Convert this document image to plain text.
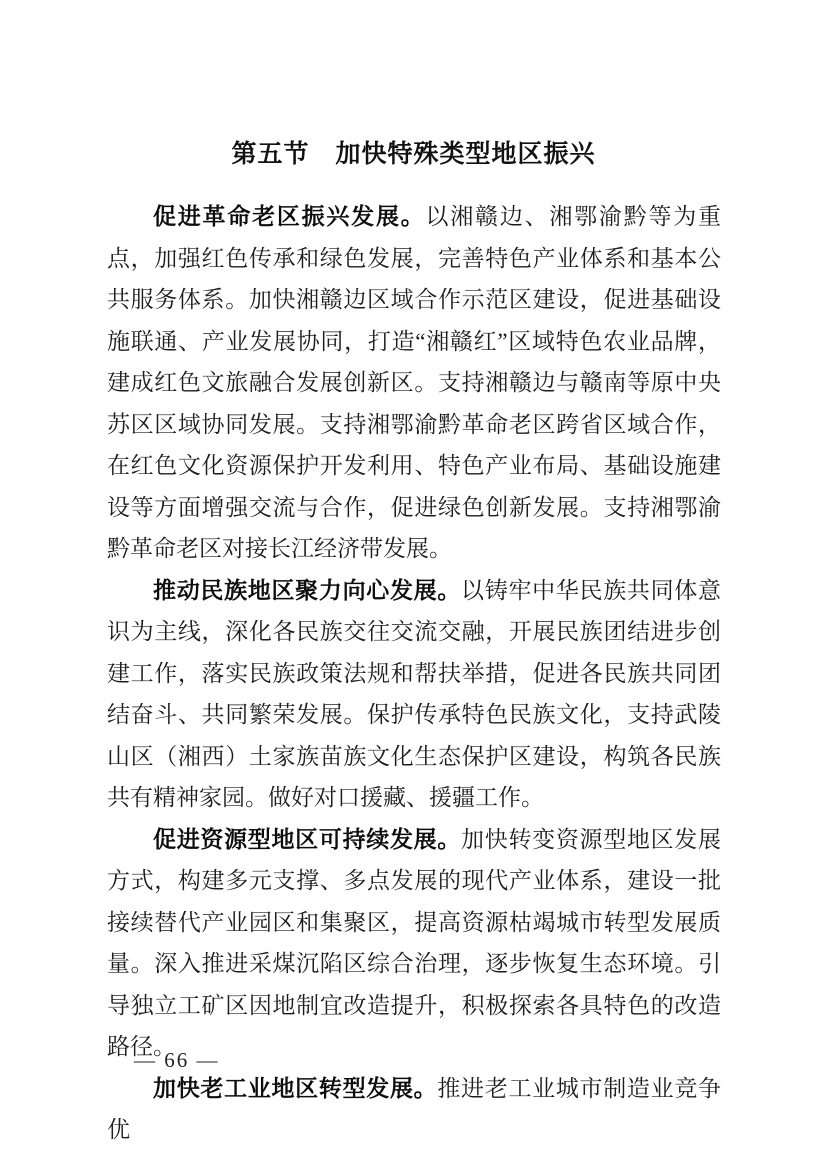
第五节　加快特殊类型地区振兴

促进革命老区振兴发展。以湘赣边、湘鄂渝黔等为重点，加强红色传承和绿色发展，完善特色产业体系和基本公共服务体系。加快湘赣边区域合作示范区建设，促进基础设施联通、产业发展协同，打造“湘赣红”区域特色农业品牌，建成红色文旅融合发展创新区。支持湘赣边与赣南等原中央苏区区域协同发展。支持湘鄂渝黔革命老区跨省区域合作，在红色文化资源保护开发利用、特色产业布局、基础设施建设等方面增强交流与合作，促进绿色创新发展。支持湘鄂渝黔革命老区对接长江经济带发展。

推动民族地区聚力向心发展。以铸牢中华民族共同体意识为主线，深化各民族交往交流交融，开展民族团结进步创建工作，落实民族政策法规和帮扶举措，促进各民族共同团结奋斗、共同繁荣发展。保护传承特色民族文化，支持武陵山区（湘西）土家族苗族文化生态保护区建设，构筑各民族共有精神家园。做好对口援藏、援疆工作。

促进资源型地区可持续发展。加快转变资源型地区发展方式，构建多元支撑、多点发展的现代产业体系，建设一批接续替代产业园区和集聚区，提高资源枯竭城市转型发展质量。深入推进采煤沉陷区综合治理，逐步恢复生态环境。引导独立工矿区因地制宜改造提升，积极探索各具特色的改造路径。

加快老工业地区转型发展。推进老工业城市制造业竞争优

— 66 —
